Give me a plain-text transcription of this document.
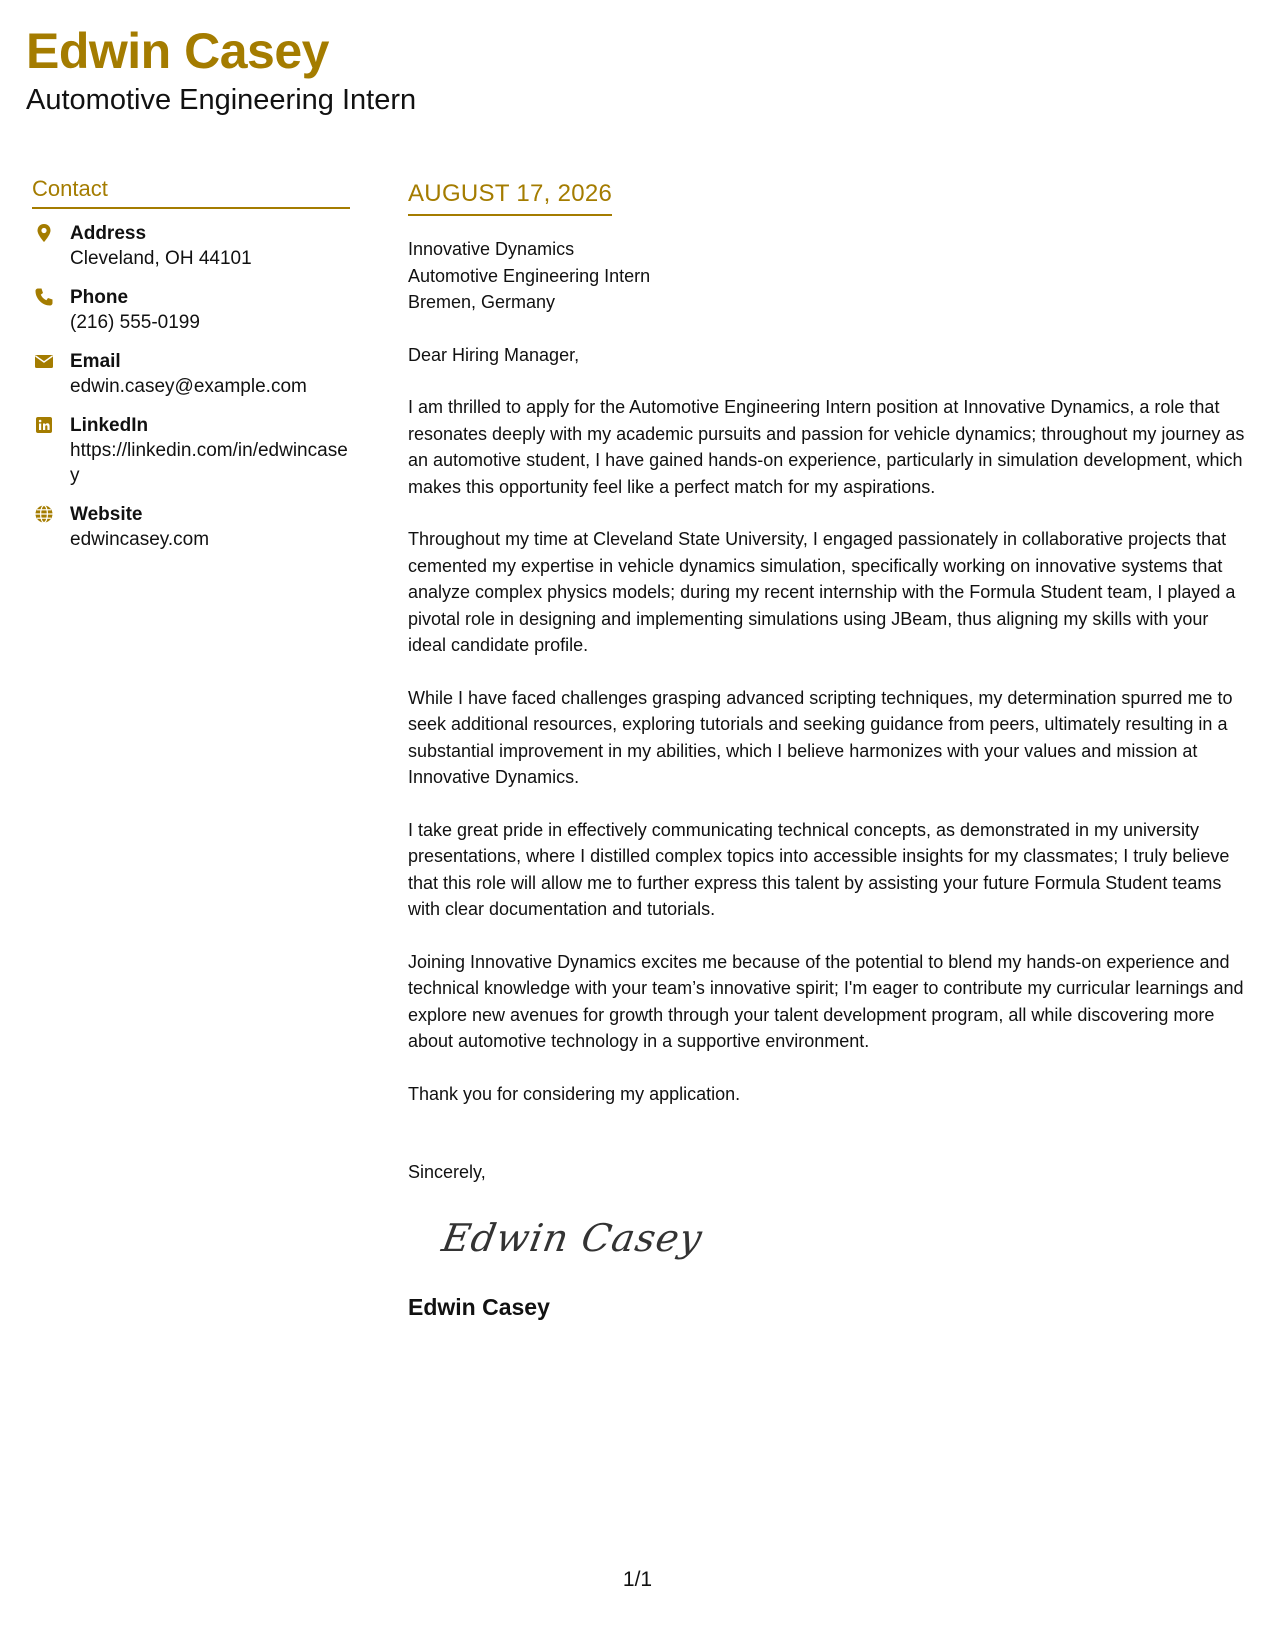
Edwin Casey
Automotive Engineering Intern
Contact
Address
Cleveland, OH 44101
Phone
(216) 555-0199
Email
edwin.casey@example.com
LinkedIn
https://linkedin.com/in/edwincasey
Website
edwincasey.com
AUGUST 17, 2026
Innovative Dynamics
Automotive Engineering Intern
Bremen, Germany
Dear Hiring Manager,

I am thrilled to apply for the Automotive Engineering Intern position at Innovative Dynamics, a role that resonates deeply with my academic pursuits and passion for vehicle dynamics; throughout my journey as an automotive student, I have gained hands-on experience, particularly in simulation development, which makes this opportunity feel like a perfect match for my aspirations.

Throughout my time at Cleveland State University, I engaged passionately in collaborative projects that cemented my expertise in vehicle dynamics simulation, specifically working on innovative systems that analyze complex physics models; during my recent internship with the Formula Student team, I played a pivotal role in designing and implementing simulations using JBeam, thus aligning my skills with your ideal candidate profile.

While I have faced challenges grasping advanced scripting techniques, my determination spurred me to seek additional resources, exploring tutorials and seeking guidance from peers, ultimately resulting in a substantial improvement in my abilities, which I believe harmonizes with your values and mission at Innovative Dynamics.

I take great pride in effectively communicating technical concepts, as demonstrated in my university presentations, where I distilled complex topics into accessible insights for my classmates; I truly believe that this role will allow me to further express this talent by assisting your future Formula Student teams with clear documentation and tutorials.

Joining Innovative Dynamics excites me because of the potential to blend my hands-on experience and technical knowledge with your team’s innovative spirit; I'm eager to contribute my curricular learnings and explore new avenues for growth through your talent development program, all while discovering more about automotive technology in a supportive environment.

Thank you for considering my application.

Sincerely,
Edwin Casey
Edwin Casey
1/1
